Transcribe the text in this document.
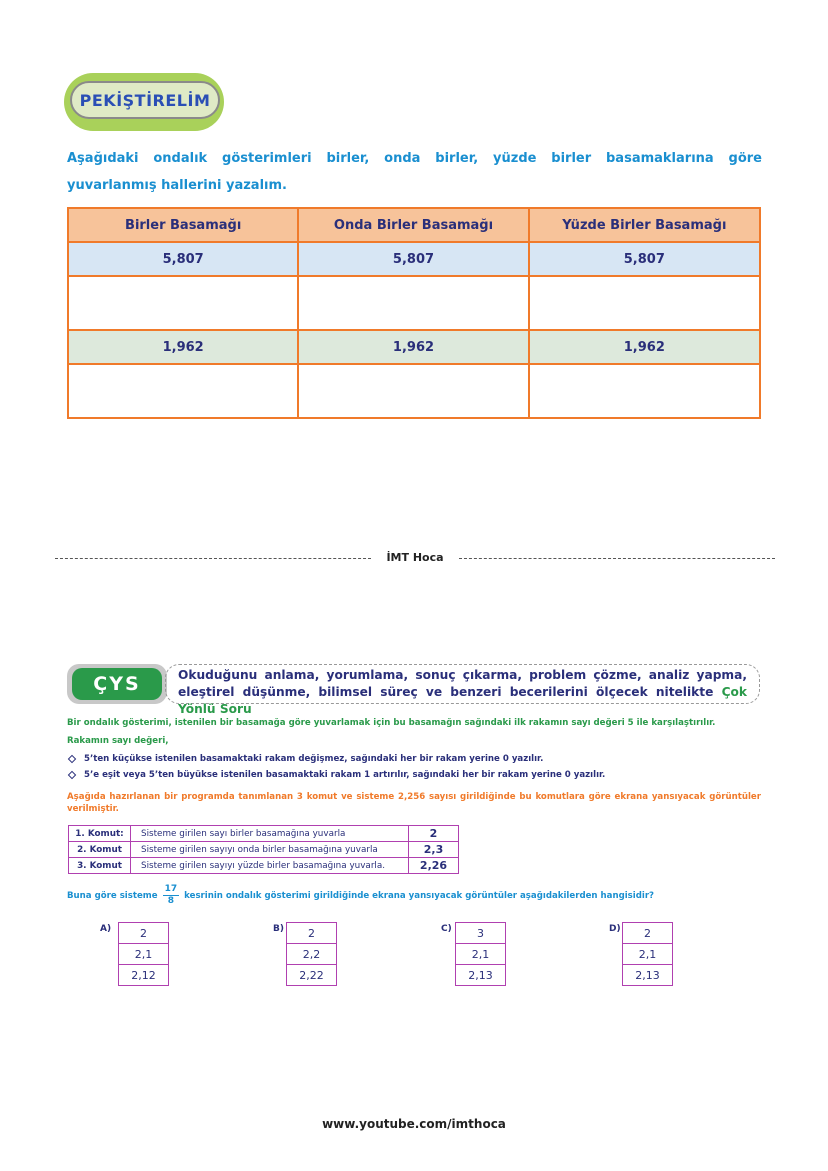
PEKİŞTİRELİM
Aşağıdaki ondalık gösterimleri birler, onda birler, yüzde birler basamaklarına göre yuvarlanmış hallerini yazalım.
Birler Basamağı	Onda Birler Basamağı	Yüzde Birler Basamağı
5,807	5,807	5,807

1,962	1,962	1,962

İMT Hoca
ÇYS	Okuduğunu anlama, yorumlama, sonuç çıkarma, problem çözme, analiz yapma, eleştirel düşünme, bilimsel süreç ve benzeri becerilerini ölçecek nitelikte Çok Yönlü Soru
Bir ondalık gösterimi, istenilen bir basamağa göre yuvarlamak için bu basamağın sağındaki ilk rakamın sayı değeri 5 ile karşılaştırılır.
Rakamın sayı değeri,
5’ten küçükse istenilen basamaktaki rakam değişmez, sağındaki her bir rakam yerine 0 yazılır.
5’e eşit veya 5’ten büyükse istenilen basamaktaki rakam 1 artırılır, sağındaki her bir rakam yerine 0 yazılır.
Aşağıda hazırlanan bir programda tanımlanan 3 komut ve sisteme 2,256 sayısı girildiğinde bu komutlara göre ekrana yansıyacak görüntüler verilmiştir.
1. Komut:	Sisteme girilen sayı birler basamağına yuvarla	2
2. Komut	Sisteme girilen sayıyı onda birler basamağına yuvarla	2,3
3. Komut	Sisteme girilen sayıyı yüzde birler basamağına yuvarla.	2,26
Buna göre sisteme $\frac{17}{8}$ kesrinin ondalık gösterimi girildiğinde ekrana yansıyacak görüntüler aşağıdakilerden hangisidir?
A)	2
2,1
2,12
B) 2
2,2
2,22
C) 3
2,1
2,13
D) 2
2,1
2,13
www.youtube.com/imthoca
